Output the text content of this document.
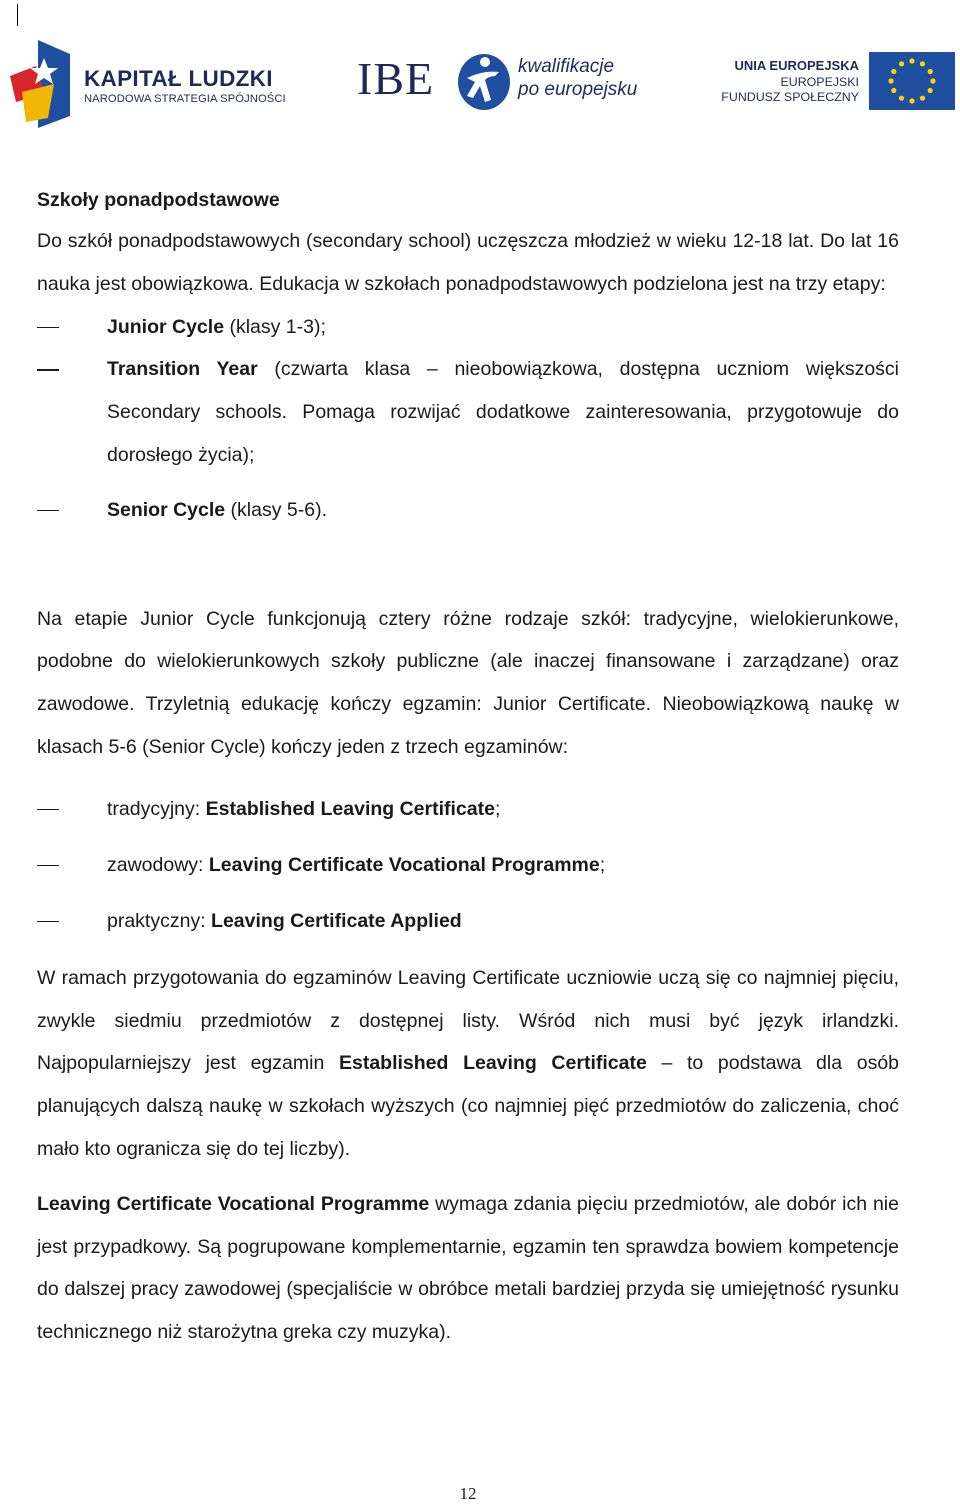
KAPITAŁ LUDZKI
NARODOWA STRATEGIA SPÓJNOŚCI IBE	kwalifikacje
po europejsku
UNIA EUROPEJSKA
EUROPEJSKI
FUNDUSZ SPOŁECZNY

Szkoły ponadpodstawowe

Do szkół ponadpodstawowych (secondary school) uczęszcza młodzież w wieku 12-18 lat. Do lat 16 nauka jest obowiązkowa. Edukacja w szkołach ponadpodstawowych podzielona jest na trzy etapy:

Junior Cycle (klasy 1-3);
Transition Year (czwarta klasa – nieobowiązkowa, dostępna uczniom większości Secondary schools. Pomaga rozwijać dodatkowe zainteresowania, przygotowuje do dorosłego życia);
Senior Cycle (klasy 5-6).

Na etapie Junior Cycle funkcjonują cztery różne rodzaje szkół: tradycyjne, wielokierunkowe, podobne do wielokierunkowych szkoły publiczne (ale inaczej finansowane i zarządzane) oraz zawodowe. Trzyletnią edukację kończy egzamin: Junior Certificate. Nieobowiązkową naukę w klasach 5-6 (Senior Cycle) kończy jeden z trzech egzaminów:

tradycyjny: Established Leaving Certificate;
zawodowy: Leaving Certificate Vocational Programme;
praktyczny: Leaving Certificate Applied

W ramach przygotowania do egzaminów Leaving Certificate uczniowie uczą się co najmniej pięciu, zwykle siedmiu przedmiotów z dostępnej listy. Wśród nich musi być język irlandzki. Najpopularniejszy jest egzamin Established Leaving Certificate – to podstawa dla osób planujących dalszą naukę w szkołach wyższych (co najmniej pięć przedmiotów do zaliczenia, choć mało kto ogranicza się do tej liczby).

Leaving Certificate Vocational Programme wymaga zdania pięciu przedmiotów, ale dobór ich nie jest przypadkowy. Są pogrupowane komplementarnie, egzamin ten sprawdza bowiem kompetencje do dalszej pracy zawodowej (specjaliście w obróbce metali bardziej przyda się umiejętność rysunku technicznego niż starożytna greka czy muzyka).

12
